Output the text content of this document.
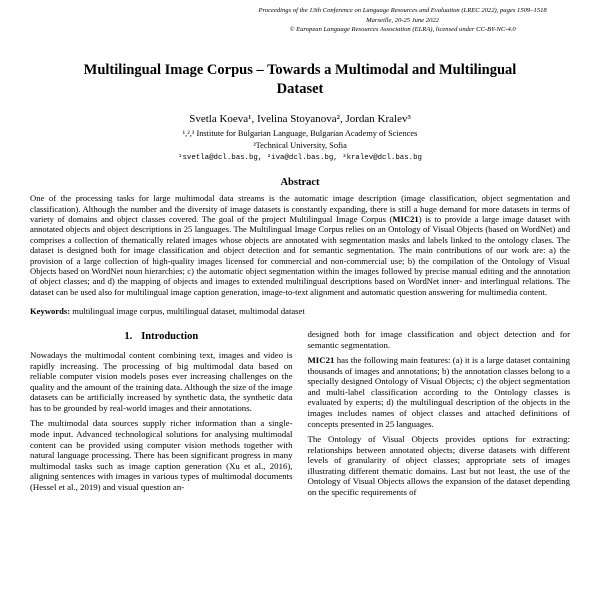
Proceedings of the 13th Conference on Language Resources and Evaluation (LREC 2022), pages 1509–1518
Marseille, 20-25 June 2022
© European Language Resources Association (ELRA), licensed under CC-BY-NC-4.0
Multilingual Image Corpus – Towards a Multimodal and Multilingual Dataset
Svetla Koeva¹, Ivelina Stoyanova², Jordan Kralev³
¹,²,³ Institute for Bulgarian Language, Bulgarian Academy of Sciences
³Technical University, Sofia
¹svetla@dcl.bas.bg, ²iva@dcl.bas.bg, ³kralev@dcl.bas.bg
Abstract

One of the processing tasks for large multimodal data streams is the automatic image description (image classification, object segmentation and classification). Although the number and the diversity of image datasets is constantly expanding, there is still a huge demand for more datasets in terms of variety of domains and object classes covered. The goal of the project Multilingual Image Corpus (MIC21) is to provide a large image dataset with annotated objects and object descriptions in 25 languages. The Multilingual Image Corpus relies on an Ontology of Visual Objects (based on WordNet) and comprises a collection of thematically related images whose objects are annotated with segmentation masks and labels linked to the ontology clases. The dataset is designed both for image classification and object detection and for semantic segmentation. The main contributions of our work are: a) the provision of a large collection of high-quality images licensed for commercial and non-commercial use; b) the compilation of the Ontology of Visual Objects based on WordNet noun hierarchies; c) the automatic object segmentation within the images followed by precise manual editing and the annotation of object classes; and d) the mapping of objects and images to extended multilingual descriptions based on WordNet inner- and interlingual relations. The dataset can be used also for multilingual image caption generation, image-to-text alignment and automatic question answering for multimedia content.

Keywords: multilingual image corpus, multilingual dataset, multimodal dataset
1. Introduction

Nowadays the multimodal content combining text, images and video is rapidly increasing. The processing of big multimodal data based on reliable computer vision models poses ever increasing challenges on the quality and the amount of the training data. Although the size of the image datasets can be artificially increased by synthetic data, the synthetic data has to be grounded by real-world images and their annotations.

The multimodal data sources supply richer information than a single-mode input. Advanced technological solutions for analysing multimodal content can be provided using computer vision methods together with natural language processing. There has been significant progress in many multimodal tasks such as image caption generation (Xu et al., 2016), aligning sentences with images in various types of multimodal documents (Hessel et al., 2019) and visual question an-

designed both for image classification and object detection and for semantic segmentation.

MIC21 has the following main features: (a) it is a large dataset containing thousands of images and annotations; b) the annotation classes belong to a specially designed Ontology of Visual Objects; c) the object segmentation and multi-label classification according to the Ontology classes is evaluated by experts; d) the multilingual description of the objects in the images includes names of object classes and attached definitions of concepts presented in 25 languages.

The Ontology of Visual Objects provides options for extracting: relationships between annotated objects; diverse datasets with different levels of granularity of object classes; appropriate sets of images illustrating different thematic domains. Last but not least, the use of the Ontology of Visual Objects allows the expansion of the dataset depending on the specific requirements of
